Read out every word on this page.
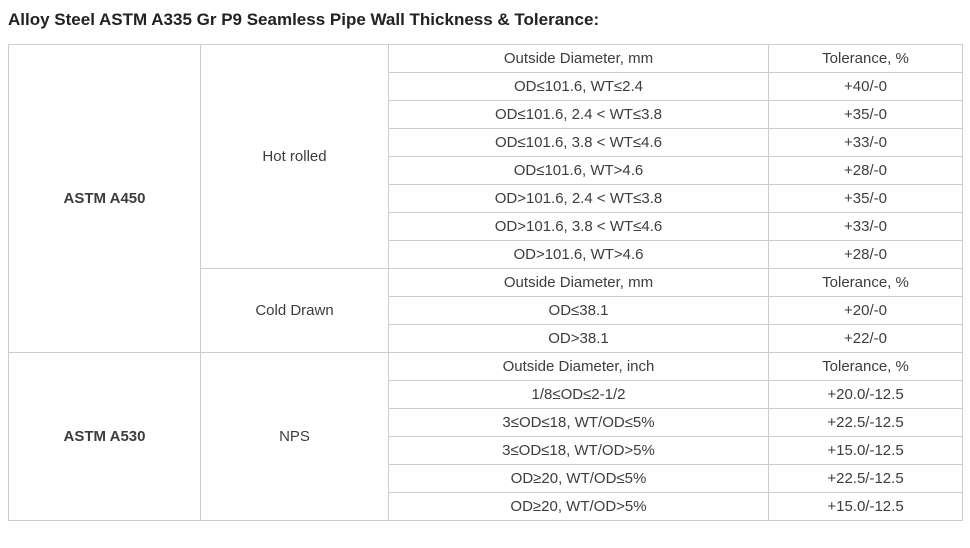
Alloy Steel ASTM A335 Gr P9 Seamless Pipe Wall Thickness & Tolerance:
ASTM A450	Hot rolled	Outside Diameter, mm	Tolerance, %
		OD≤101.6, WT≤2.4	+40/-0
		OD≤101.6, 2.4 < WT≤3.8	+35/-0
		OD≤101.6, 3.8 < WT≤4.6	+33/-0
		OD≤101.6, WT>4.6	+28/-0
		OD>101.6, 2.4 < WT≤3.8	+35/-0
		OD>101.6, 3.8 < WT≤4.6	+33/-0
		OD>101.6, WT>4.6	+28/-0
	Cold Drawn	Outside Diameter, mm	Tolerance, %
		OD≤38.1	+20/-0
		OD>38.1	+22/-0
ASTM A530	NPS	Outside Diameter, inch	Tolerance, %
		1/8≤OD≤2-1/2	+20.0/-12.5
		3≤OD≤18, WT/OD≤5%	+22.5/-12.5
		3≤OD≤18, WT/OD>5%	+15.0/-12.5
		OD≥20, WT/OD≤5%	+22.5/-12.5
		OD≥20, WT/OD>5%	+15.0/-12.5
